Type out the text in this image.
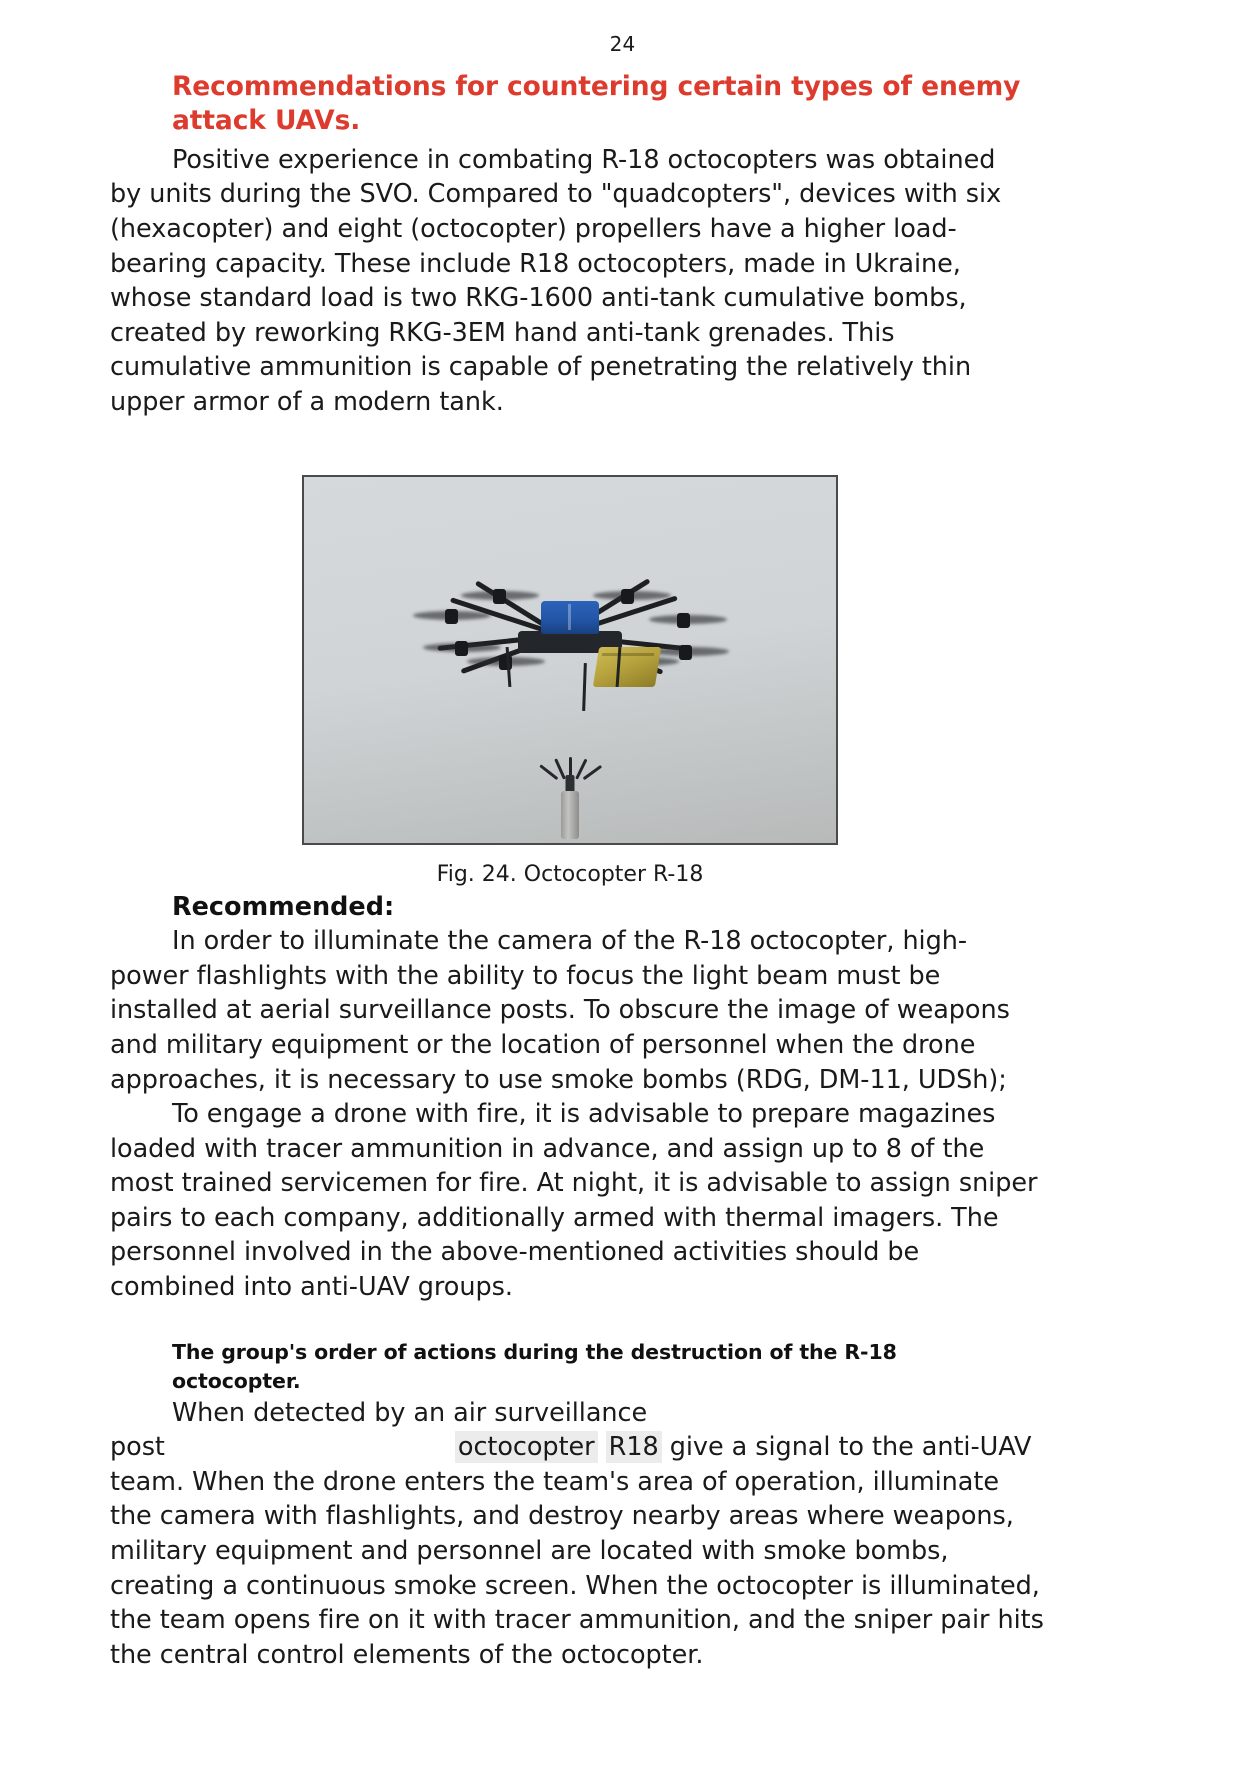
24
Recommendations for countering certain types of enemy attack UAVs.

Positive experience in combating R-18 octocopters was obtained by units during the SVO. Compared to "quadcopters", devices with six (hexacopter) and eight (octocopter) propellers have a higher load-bearing capacity. These include R18 octocopters, made in Ukraine, whose standard load is two RKG-1600 anti-tank cumulative bombs, created by reworking RKG-3EM hand anti-tank grenades. This cumulative ammunition is capable of penetrating the relatively thin upper armor of a modern tank.

Fig. 24. Octocopter R-18

Recommended:

In order to illuminate the camera of the R-18 octocopter, high-power flashlights with the ability to focus the light beam must be installed at aerial surveillance posts. To obscure the image of weapons and military equipment or the location of personnel when the drone approaches, it is necessary to use smoke bombs (RDG, DM-11, UDSh);

To engage a drone with fire, it is advisable to prepare magazines loaded with tracer ammunition in advance, and assign up to 8 of the most trained servicemen for fire. At night, it is advisable to assign sniper pairs to each company, additionally armed with thermal imagers. The personnel involved in the above-mentioned activities should be combined into anti-UAV groups.

The group's order of actions during the destruction of the R-18 octocopter.

When detected by an air surveillance post	octocopter R18 give a signal to the anti-UAV team. When the drone enters the team's area of operation, illuminate the camera with flashlights, and destroy nearby areas where weapons, military equipment and personnel are located with smoke bombs, creating a continuous smoke screen. When the octocopter is illuminated, the team opens fire on it with tracer ammunition, and the sniper pair hits the central control elements of the octocopter.
